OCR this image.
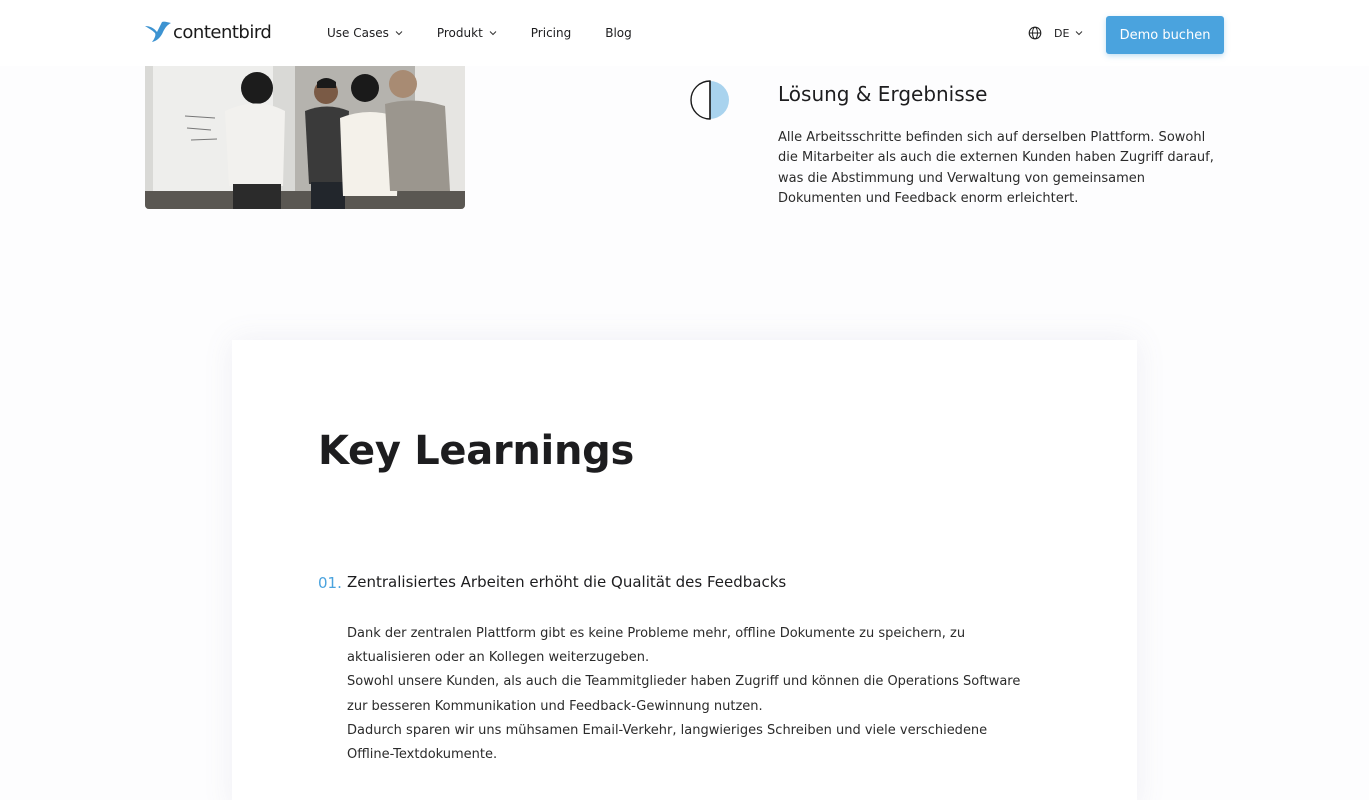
contentbird	Use Cases	Produkt	Pricing	Blog	DE	Demo buchen
Lösung & Ergebnisse

Alle Arbeitsschritte befinden sich auf derselben Plattform. Sowohl die Mitarbeiter als auch die externen Kunden haben Zugriff darauf, was die Abstimmung und Verwaltung von gemeinsamen Dokumenten und Feedback enorm erleichtert.

Key Learnings
01. Zentralisiertes Arbeiten erhöht die Qualität des Feedbacks

Dank der zentralen Plattform gibt es keine Probleme mehr, offline Dokumente zu speichern, zu aktualisieren oder an Kollegen weiterzugeben.

Sowohl unsere Kunden, als auch die Teammitglieder haben Zugriff und können die Operations Software zur besseren Kommunikation und Feedback-Gewinnung nutzen.

Dadurch sparen wir uns mühsamen Email-Verkehr, langwieriges Schreiben und viele verschiedene Offline-Textdokumente.
